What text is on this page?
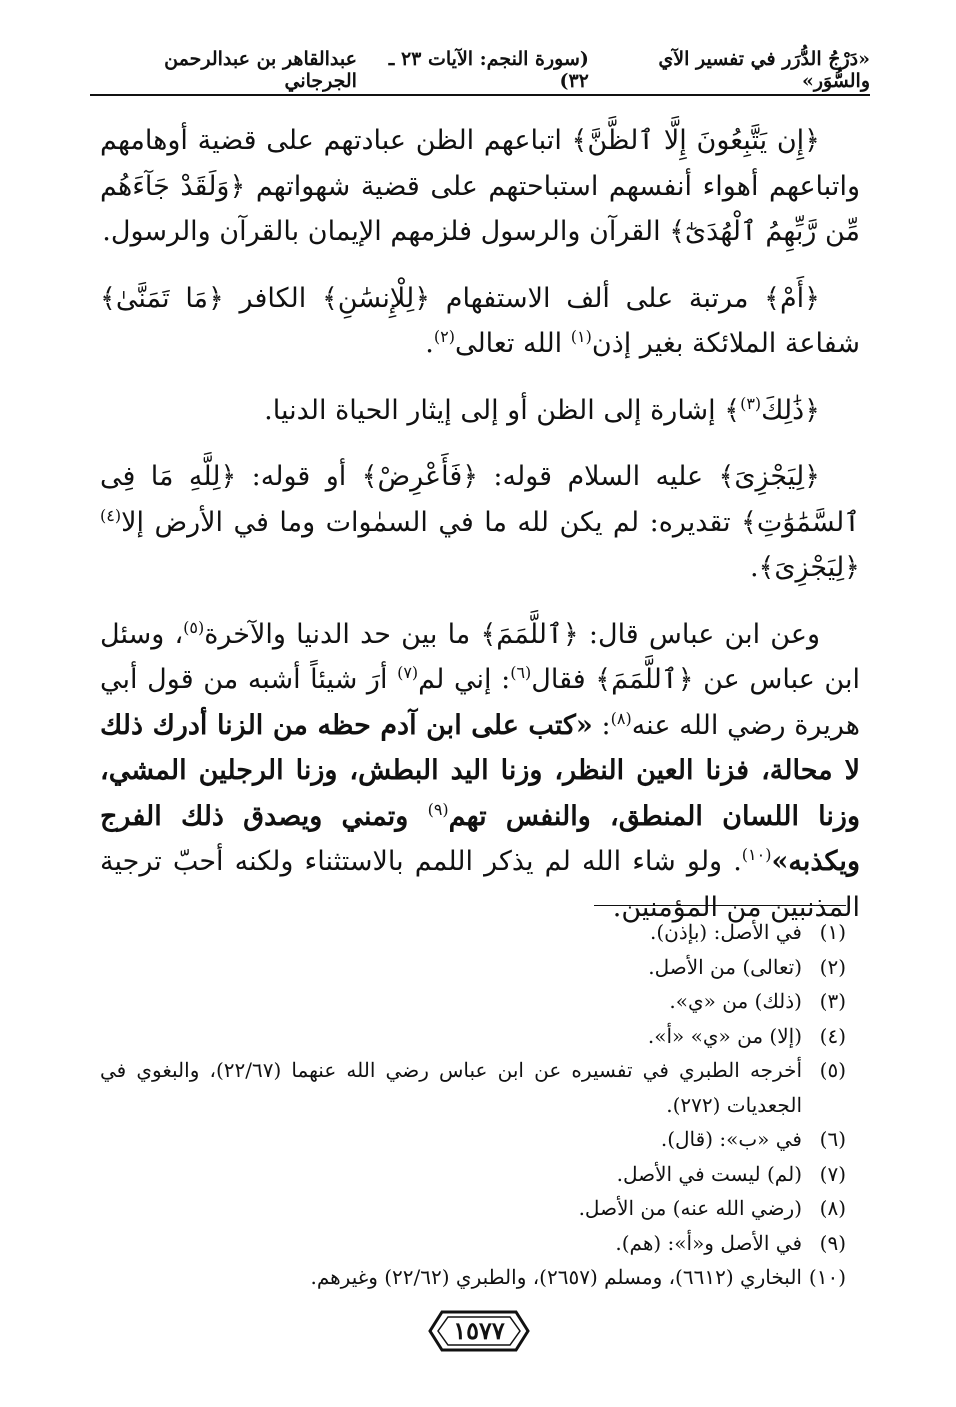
«دَرْجُ الدُّرَر في تفسير الآي والسُّوَر»
(سورة النجم: الآيات ٢٣ ـ ٣٢)
عبدالقاهر بن عبدالرحمن الجرجاني

﴿إِن يَتَّبِعُونَ إِلَّا ٱلظَّنَّ﴾ اتباعهم الظن عبادتهم على قضية أوهامهم واتباعهم أهواء أنفسهم استباحتهم على قضية شهواتهم ﴿وَلَقَدْ جَآءَهُم مِّن رَّبِّهِمُ ٱلْهُدَىٰٓ﴾ القرآن والرسول فلزمهم الإيمان بالقرآن والرسول.

﴿أَمْ﴾ مرتبة على ألف الاستفهام ﴿لِلْإِنسَٰنِ﴾ الكافر ﴿مَا تَمَنَّىٰ﴾ شفاعة الملائكة بغير إذن$^{(١)}$ الله تعالى$^{(٢)}$.

﴿ذَٰلِكَ$^{(٣)}$﴾ إشارة إلى الظن أو إلى إيثار الحياة الدنيا.

﴿لِيَجْزِىَ﴾ عليه السلام قوله: ﴿فَأَعْرِضْ﴾ أو قوله: ﴿لِلَّهِ مَا فِى ٱلسَّمَٰوَٰتِ﴾ تقديره: لم يكن لله ما في السمٰوات وما في الأرض إلا$^{(٤)}$ ﴿لِيَجْزِىَ﴾.

وعن ابن عباس قال: ﴿ٱللَّمَمَ﴾ ما بين حد الدنيا والآخرة$^{(٥)}$، وسئل ابن عباس عن ﴿ٱللَّمَمَ﴾ فقال$^{(٦)}$: إني لم$^{(٧)}$ أرَ شيئاً أشبه من قول أبي هريرة رضي الله عنه$^{(٨)}$: «كتب على ابن آدم حظه من الزنا أدرك ذلك لا محالة، فزنا العين النظر، وزنا اليد البطش، وزنا الرجلين المشي، وزنا اللسان المنطق، والنفس تهم$^{(٩)}$ وتمني ويصدق ذلك الفرج ويكذبه»$^{(١٠)}$. ولو شاء الله لم يذكر اللمم بالاستثناء ولكنه أحبّ ترجية المذنبين من المؤمنين.

(١)
في الأصل: (بإذن).
(٢)
(تعالى) من الأصل.
(٣)
(ذلك) من «ي».
(٤)
(إلا) من «ي» «أ».
(٥)
أخرجه الطبري في تفسيره عن ابن عباس رضي الله عنهما (٢٢/٦٧)، والبغوي في الجعديات (٢٧٢).
(٦)
في «ب»: (قال).
(٧)
(لم) ليست في الأصل.
(٨)
(رضي الله عنه) من الأصل.
(٩)
في الأصل و«أ»: (هم).
(١٠)
البخاري (٦٦١٢)، ومسلم (٢٦٥٧)، والطبري (٢٢/٦٢) وغيرهم.
١٥٧٧
